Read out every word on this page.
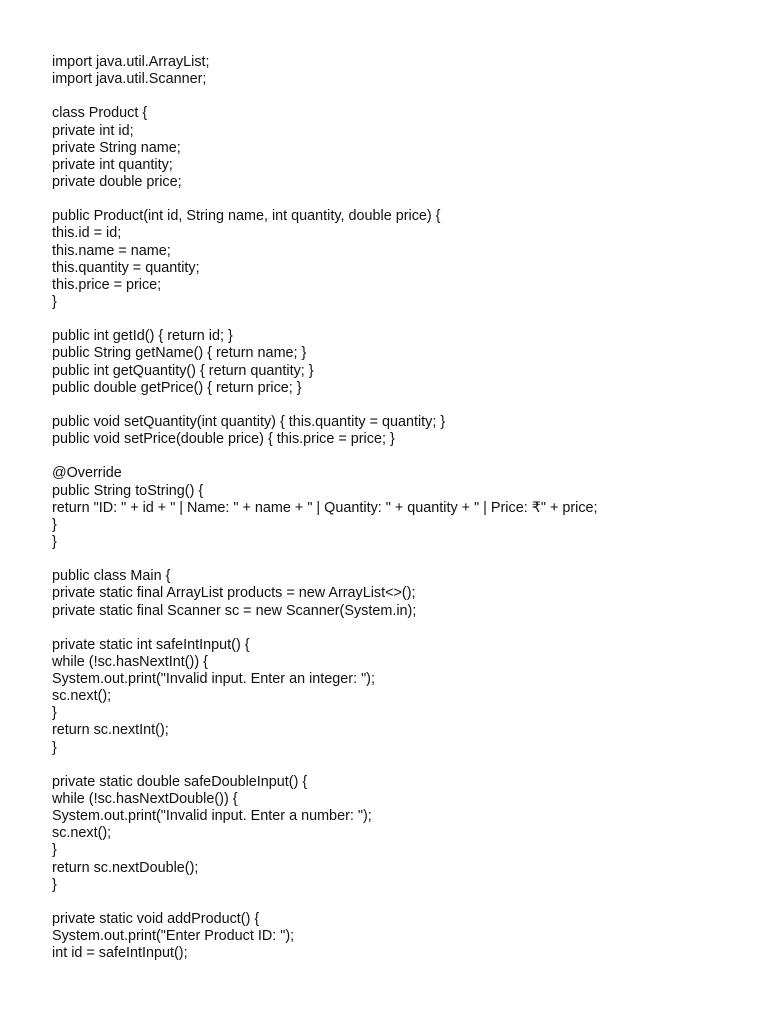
import java.util.ArrayList;
import java.util.Scanner;
class Product {
private int id;
private String name;
private int quantity;
private double price;
public Product(int id, String name, int quantity, double price) {
this.id = id;
this.name = name;
this.quantity = quantity;
this.price = price;
}
public int getId() { return id; }
public String getName() { return name; }
public int getQuantity() { return quantity; }
public double getPrice() { return price; }
public void setQuantity(int quantity) { this.quantity = quantity; }
public void setPrice(double price) { this.price = price; }
@Override
public String toString() {
return "ID: " + id + " | Name: " + name + " | Quantity: " + quantity + " | Price: ₹" + price;
}
}
public class Main {
private static final ArrayList products = new ArrayList<>();
private static final Scanner sc = new Scanner(System.in);
private static int safeIntInput() {
while (!sc.hasNextInt()) {
System.out.print("Invalid input. Enter an integer: ");
sc.next();
}
return sc.nextInt();
}
private static double safeDoubleInput() {
while (!sc.hasNextDouble()) {
System.out.print("Invalid input. Enter a number: ");
sc.next();
}
return sc.nextDouble();
}
private static void addProduct() {
System.out.print("Enter Product ID: ");
int id = safeIntInput();
